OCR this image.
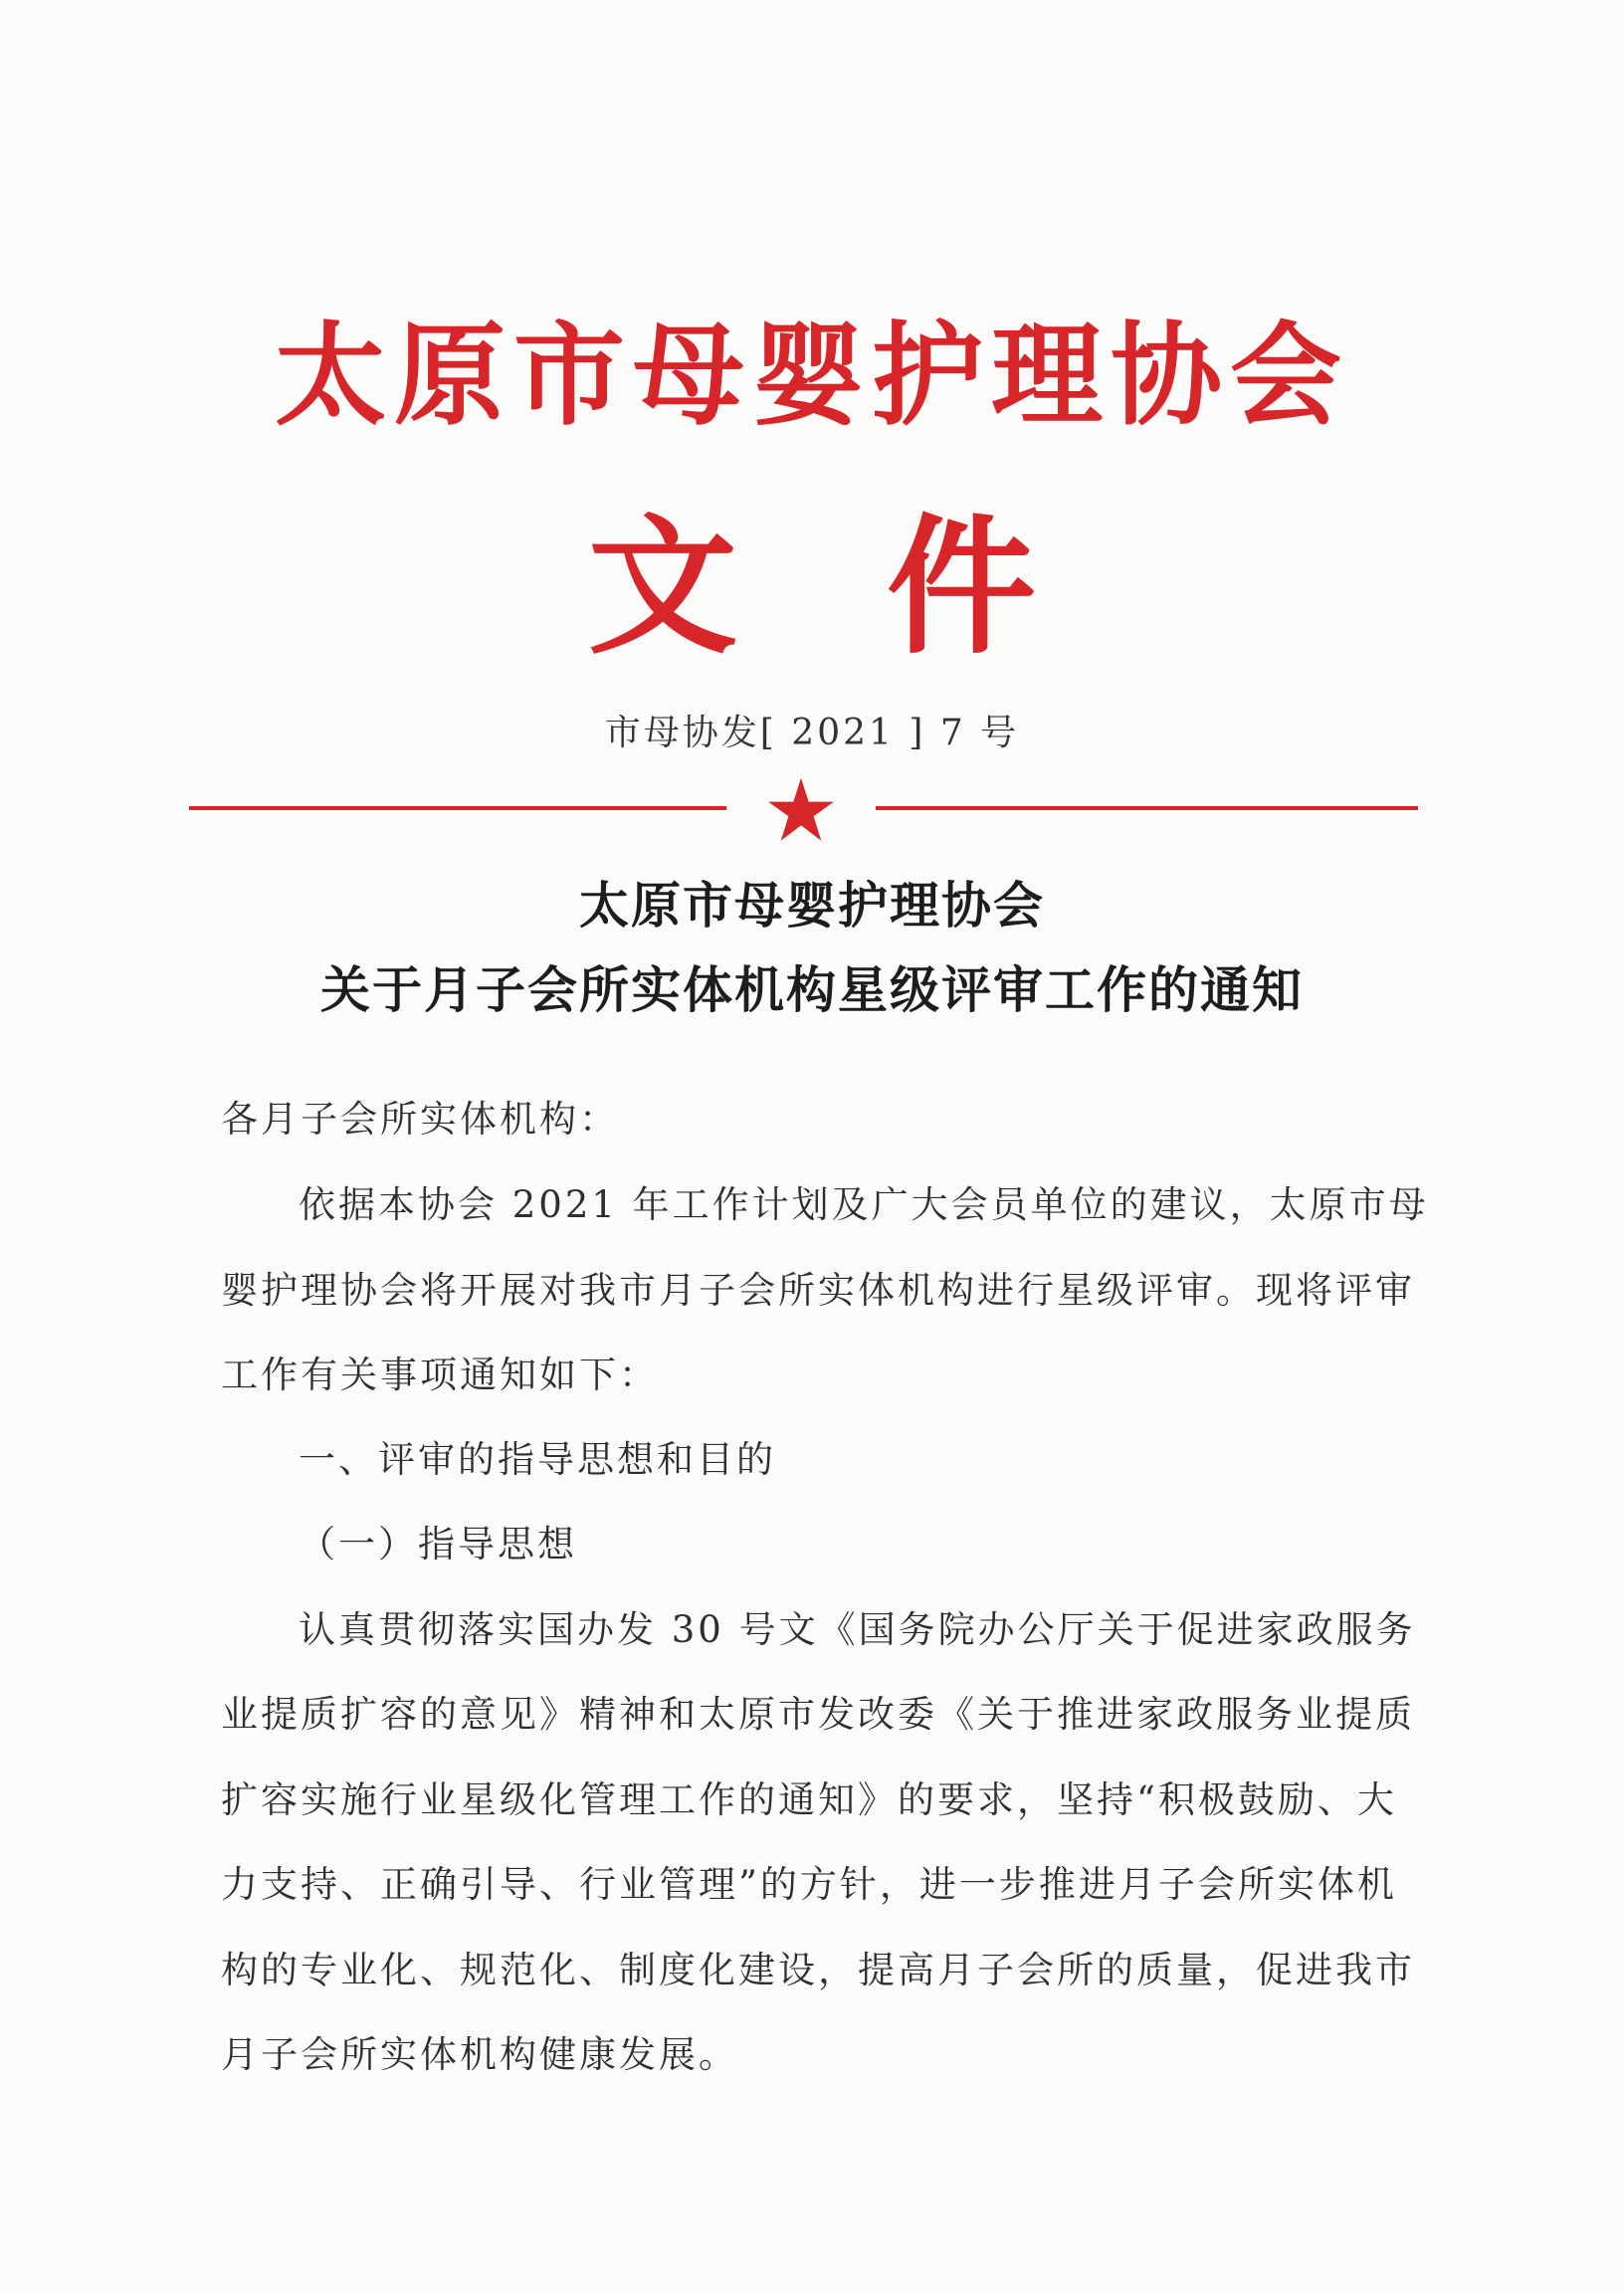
太原市母婴护理协会
文 件
市母协发[ 2021 ] 7 号
太原市母婴护理协会
关于月子会所实体机构星级评审工作的通知
各月子会所实体机构：
依据本协会 2021 年工作计划及广大会员单位的建议，太原市母
婴护理协会将开展对我市月子会所实体机构进行星级评审。现将评审
工作有关事项通知如下：
一、评审的指导思想和目的
（一）指导思想
认真贯彻落实国办发 30 号文《国务院办公厅关于促进家政服务
业提质扩容的意见》精神和太原市发改委《关于推进家政服务业提质
扩容实施行业星级化管理工作的通知》的要求，坚持“积极鼓励、大
力支持、正确引导、行业管理”的方针，进一步推进月子会所实体机
构的专业化、规范化、制度化建设，提高月子会所的质量，促进我市
月子会所实体机构健康发展。
